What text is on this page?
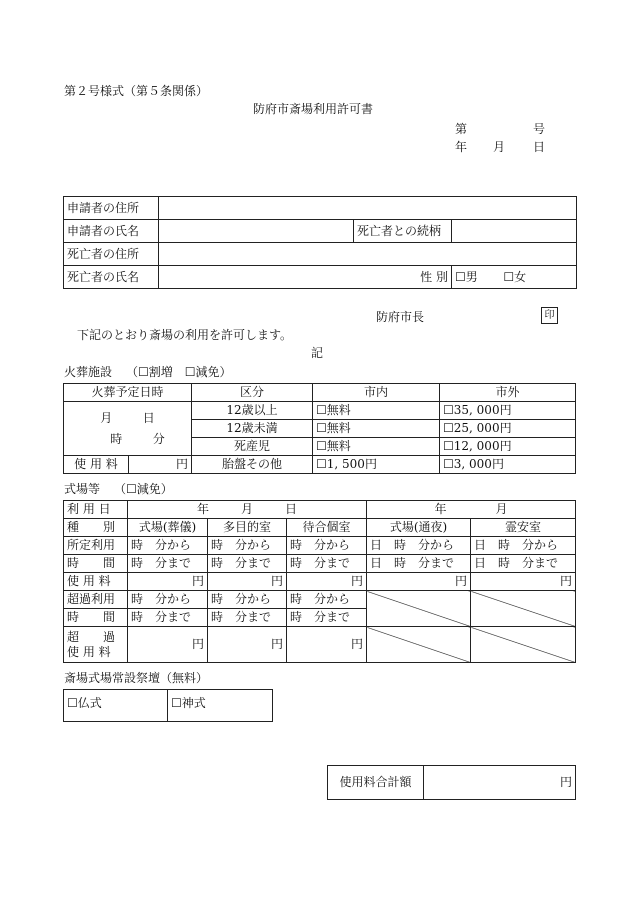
第２号様式（第５条関係）
防府市斎場利用許可書
第	号
年 月 日
申請者の住所			
申請者の氏名		死亡者との続柄	
死亡者の住所			
死亡者の氏名	性 別		☐男 ☐女
防府市長	印
下記のとおり斎場の利用を許可します。
記
火葬施設 （☐割増　☐減免）
火葬予定日時		区分	市内	市外

月 日
時 分		12歳以上	☐無料	☐35, 000円
		12歳未満	☐無料	☐25, 000円
		死産児	☐無料	☐12, 000円
使 用 料	円	胎盤その他	☐1, 500円	☐3, 000円
式場等 （☐減免）
利 用 日	年 月 日			年 月	

種　　別	式場(葬儀)	多目的室	待合個室	式場(通夜)	霊安室
所定利用	時　分から	時　分から	時　分から	日　時　分から	日　時　分から
時　　間	時　分まで	時　分まで	時　分まで	日　時　分まで	日　時　分まで
使 用 料	円	円	円	円	円
超過利用	時　分から	時　分から	時　分から		
時　　間	時　分まで	時　分まで	時　分まで		

超　　過
使 用 料	円	円	円		
斎場式場常設祭壇（無料）
☐仏式	☐神式
使用料合計額	円
